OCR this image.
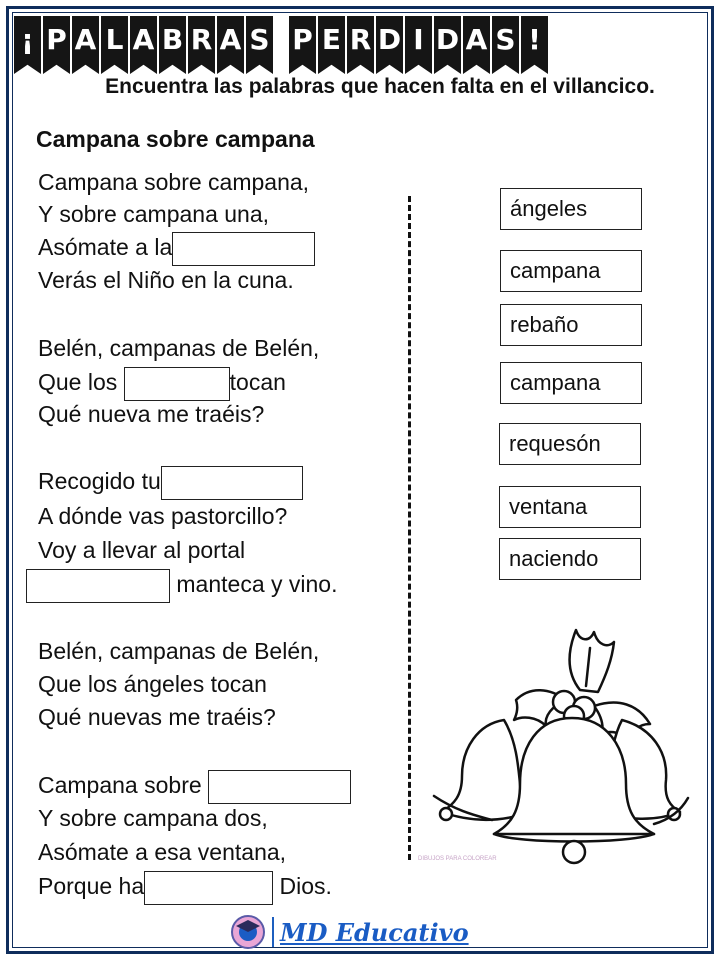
¡ P A L A B R A S P E R D I D A S !
Encuentra las palabras que hacen falta en el villancico.
Campana sobre campana
Campana sobre campana,
Y sobre campana una,
Asómate a la
Verás el Niño en la cuna.
Belén, campanas de Belén,
Que los	tocan
Qué nueva me traéis?
Recogido tu
A dónde vas pastorcillo?
Voy a llevar al portal
manteca y vino.
Belén, campanas de Belén,
Que los ángeles tocan
Qué nuevas me traéis?
Campana sobre
Y sobre campana dos,
Asómate a esa ventana,
Porque ha	Dios.
ángeles
campana
rebaño
campana
requesón
ventana
naciendo
DIBUJOS PARA COLOREAR
MD Educativo
